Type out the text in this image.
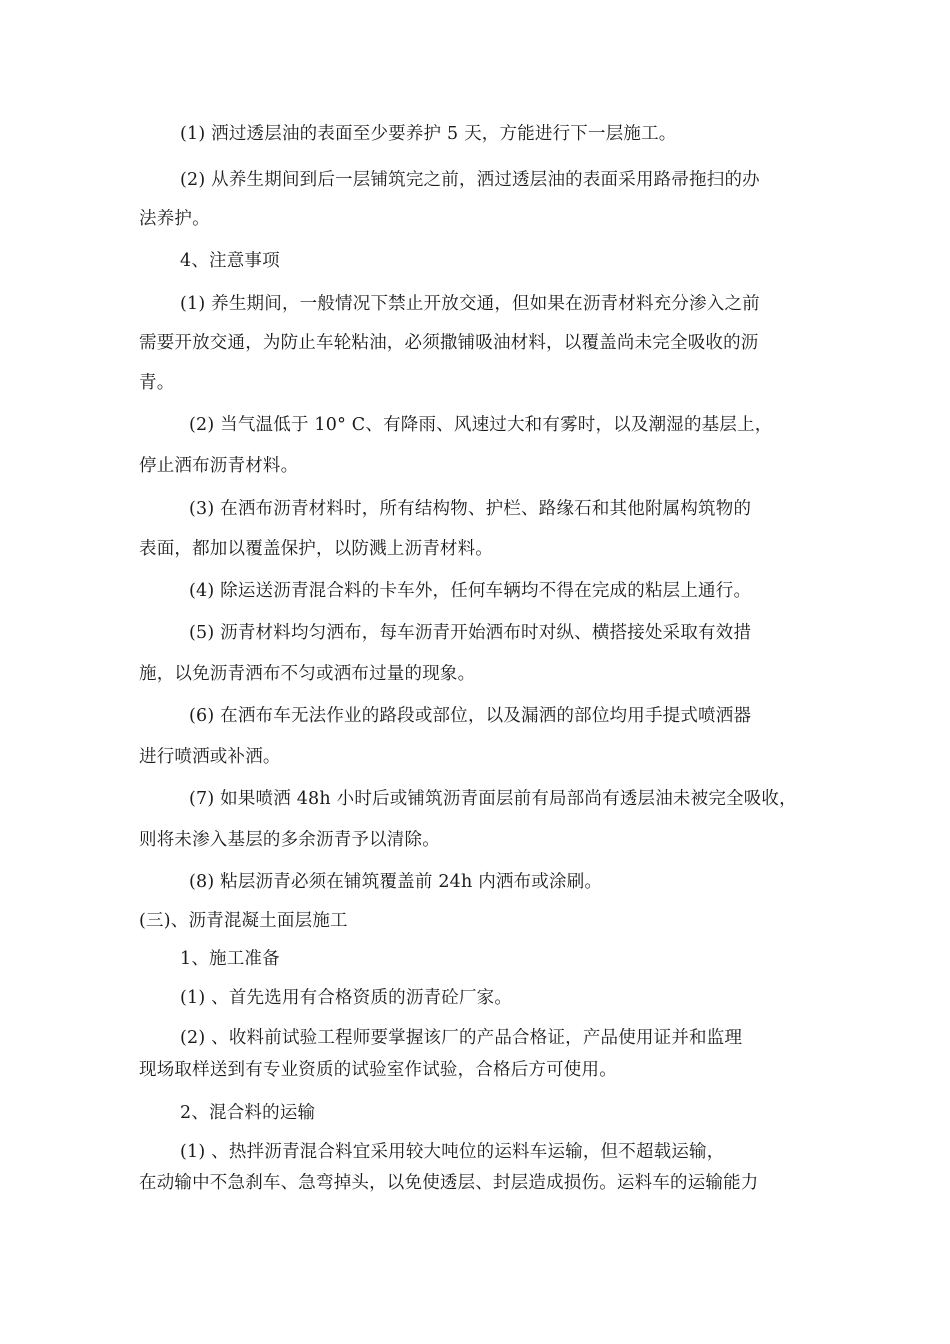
(1) 洒过透层油的表面至少要养护 5 天，方能进行下一层施工。
(2) 从养生期间到后一层铺筑完之前，洒过透层油的表面采用路帚拖扫的办
法养护。
4、注意事项
(1) 养生期间，一般情况下禁止开放交通，但如果在沥青材料充分渗入之前
需要开放交通，为防止车轮粘油，必须撒铺吸油材料，以覆盖尚未完全吸收的沥
青。
(2) 当气温低于 10° C、有降雨、风速过大和有雾时，以及潮湿的基层上，
停止洒布沥青材料。
(3) 在洒布沥青材料时，所有结构物、护栏、路缘石和其他附属构筑物的
表面，都加以覆盖保护，以防溅上沥青材料。
(4) 除运送沥青混合料的卡车外，任何车辆均不得在完成的粘层上通行。
(5) 沥青材料均匀洒布，每车沥青开始洒布时对纵、横搭接处采取有效措
施，以免沥青洒布不匀或洒布过量的现象。
(6) 在洒布车无法作业的路段或部位，以及漏洒的部位均用手提式喷洒器
进行喷洒或补洒。
(7) 如果喷洒 48h 小时后或铺筑沥青面层前有局部尚有透层油未被完全吸收，
则将未渗入基层的多余沥青予以清除。
(8) 粘层沥青必须在铺筑覆盖前 24h 内洒布或涂刷。
(三)、沥青混凝土面层施工
1、施工准备
(1) 、首先选用有合格资质的沥青砼厂家。
(2) 、收料前试验工程师要掌握该厂的产品合格证，产品使用证并和监理
现场取样送到有专业资质的试验室作试验，合格后方可使用。
2、混合料的运输
(1) 、热拌沥青混合料宜采用较大吨位的运料车运输，但不超载运输，
在动输中不急刹车、急弯掉头，以免使透层、封层造成损伤。运料车的运输能力
